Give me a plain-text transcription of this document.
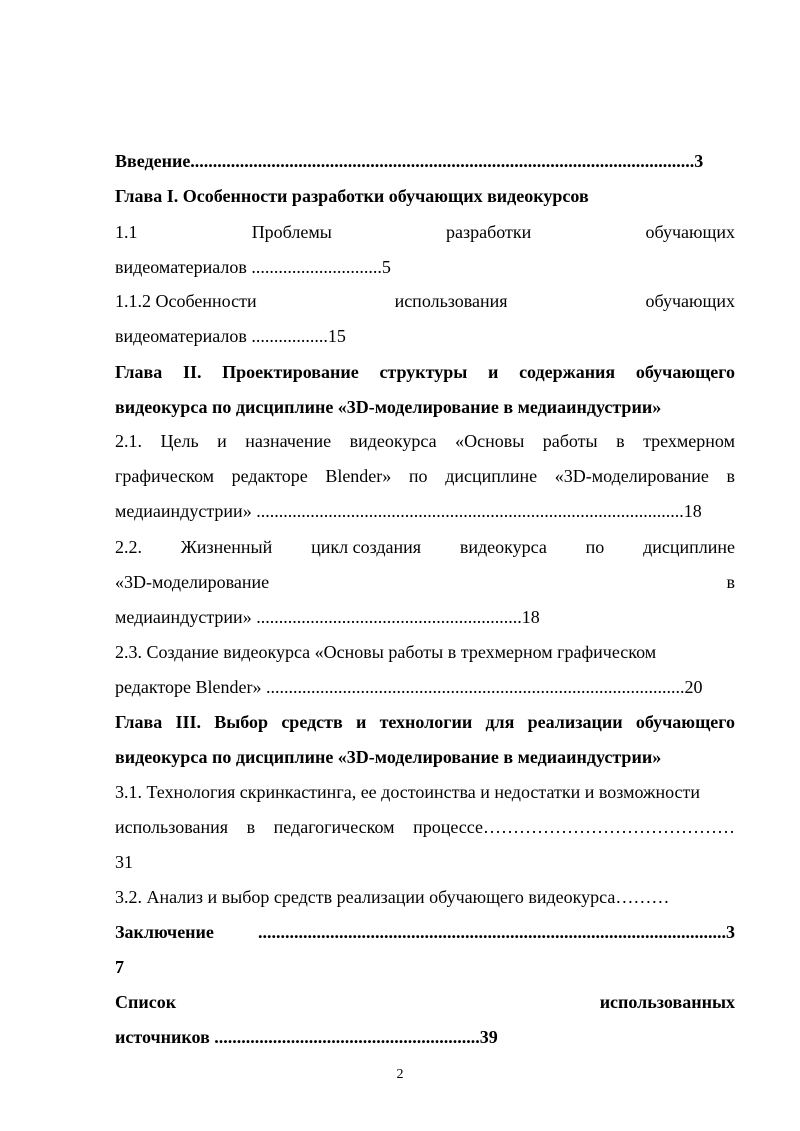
Введение................................................................................................................3
Глава I. Особенности разработки обучающих видеокурсов
1.1	Проблемы	разработки	обучающих
видеоматериалов .............................5
1.1.2 Особенности	использования	обучающих
видеоматериалов .................15
Глава II. Проектирование структуры и содержания обучающего
видеокурса по дисциплине «3D-моделирование в медиаиндустрии»
2.1. Цель и назначение видеокурса «Основы работы в трехмерном
графическом редакторе Blender» по дисциплине «3D-моделирование в
медиаиндустрии» ...............................................................................................18
2.2. Жизненный цикл создания видеокурса по дисциплине
«3D-моделирование	в
медиаиндустрии» ...........................................................18
2.3. Создание видеокурса «Основы работы в трехмерном графическом
редакторе Blender» .............................................................................................20
Глава III. Выбор средств и технологии для реализации обучающего
видеокурса по дисциплине «3D-моделирование в медиаиндустрии»
3.1. Технология скринкастинга, ее достоинства и недостатки и возможности
использования в педагогическом процессе……………………………………
31
3.2. Анализ и выбор средств реализации обучающего видеокурса………
Заключение ........................................................................................................3
7
Список	использованных
источников ...........................................................39
2
